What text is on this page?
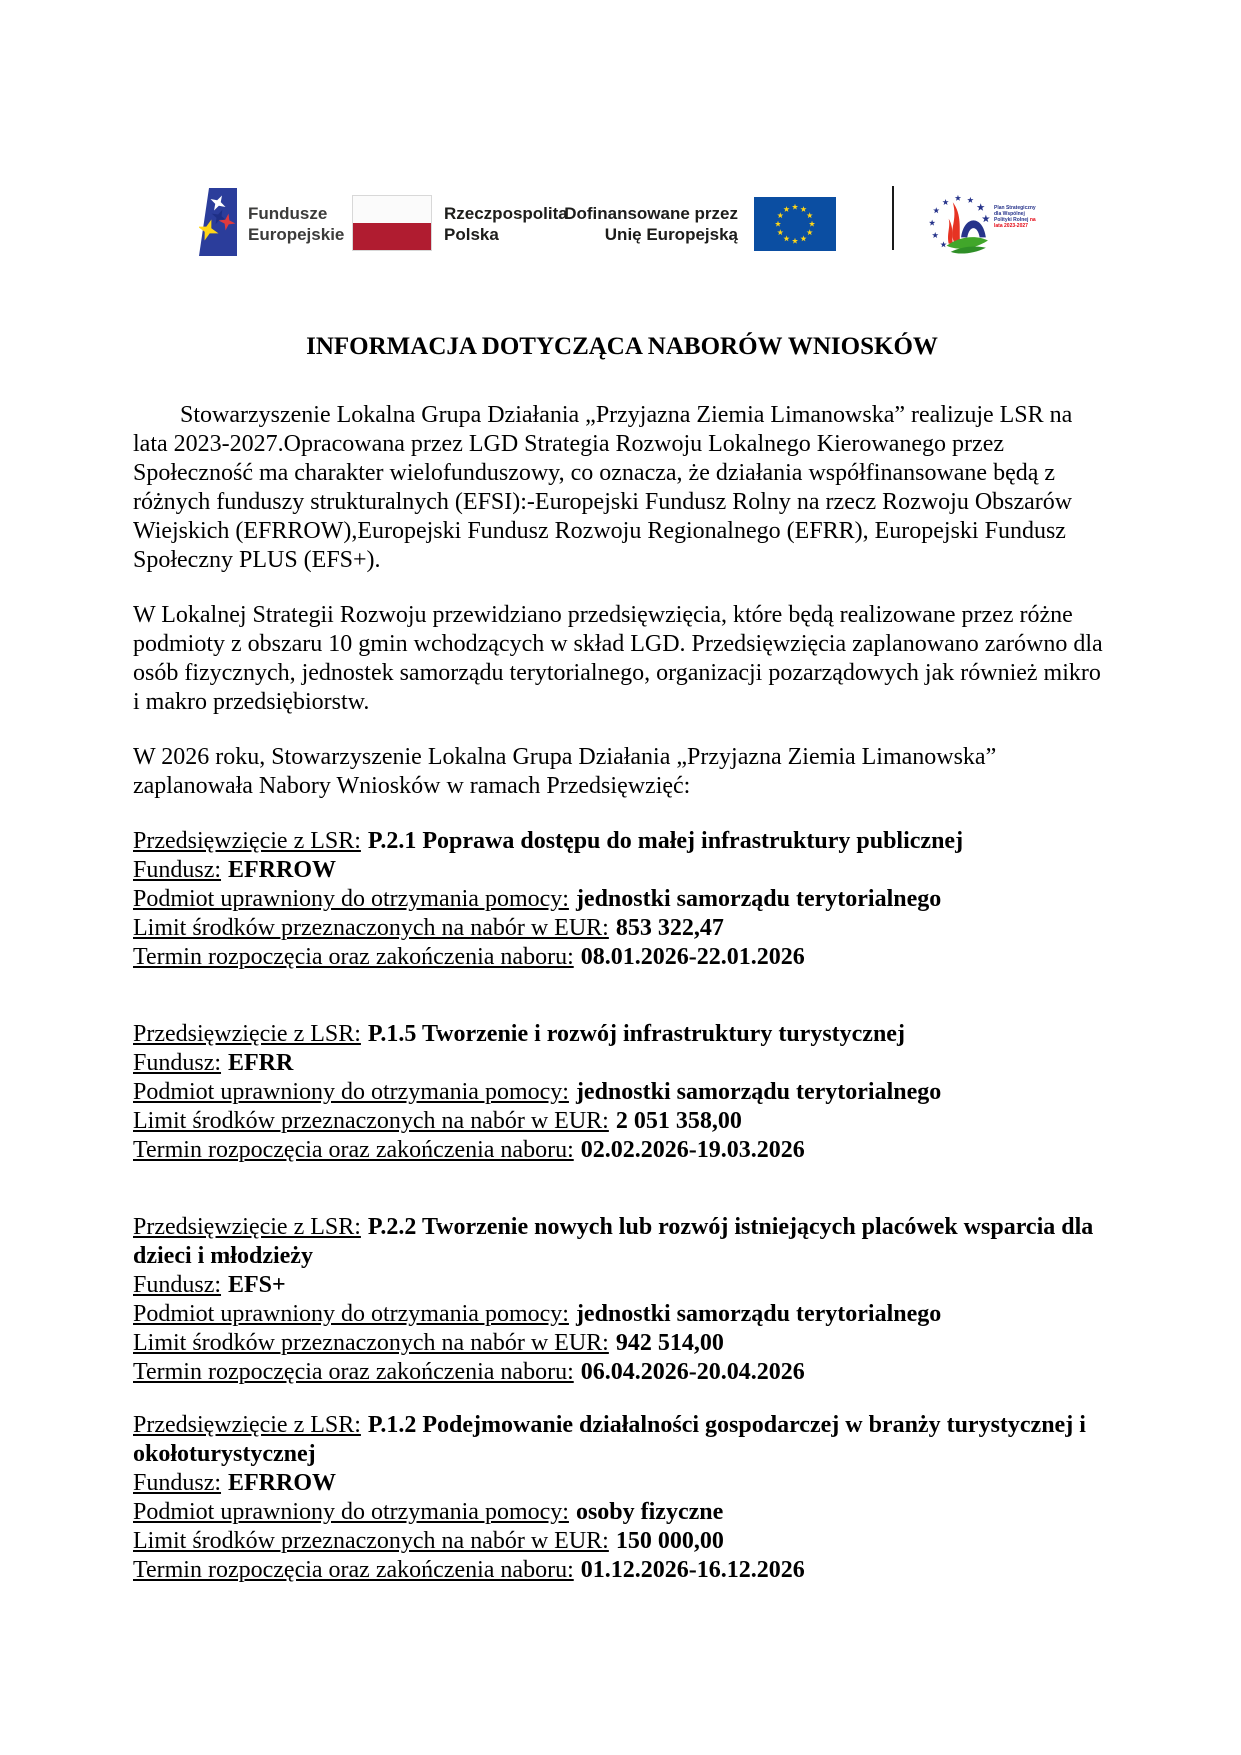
Fundusze
Europejskie
Rzeczpospolita
Polska
Dofinansowane przez
Unię Europejską
Plan Strategiczny dla Wspólnej Polityki Rolnej na lata 2023-2027
INFORMACJA DOTYCZĄCA NABORÓW WNIOSKÓW

Stowarzyszenie Lokalna Grupa Działania „Przyjazna Ziemia Limanowska” realizuje LSR na lata 2023-2027.Opracowana przez LGD Strategia Rozwoju Lokalnego Kierowanego przez Społeczność ma charakter wielofunduszowy, co oznacza, że działania współfinansowane będą z różnych funduszy strukturalnych (EFSI):-Europejski Fundusz Rolny na rzecz Rozwoju Obszarów Wiejskich (EFRROW),Europejski Fundusz Rozwoju Regionalnego (EFRR), Europejski Fundusz Społeczny PLUS (EFS+).

W Lokalnej Strategii Rozwoju przewidziano przedsięwzięcia, które będą realizowane przez różne podmioty z obszaru 10 gmin wchodzących w skład LGD. Przedsięwzięcia zaplanowano zarówno dla osób fizycznych, jednostek samorządu terytorialnego, organizacji pozarządowych jak również mikro i makro przedsiębiorstw.

W 2026 roku, Stowarzyszenie Lokalna Grupa Działania „Przyjazna Ziemia Limanowska” zaplanowała Nabory Wniosków w ramach Przedsięwzięć:

Przedsięwzięcie z LSR: P.2.1 Poprawa dostępu do małej infrastruktury publicznej
Fundusz: EFRROW
Podmiot uprawniony do otrzymania pomocy: jednostki samorządu terytorialnego
Limit środków przeznaczonych na nabór w EUR: 853 322,47
Termin rozpoczęcia oraz zakończenia naboru: 08.01.2026-22.01.2026
Przedsięwzięcie z LSR: P.1.5 Tworzenie i rozwój infrastruktury turystycznej
Fundusz: EFRR
Podmiot uprawniony do otrzymania pomocy: jednostki samorządu terytorialnego
Limit środków przeznaczonych na nabór w EUR: 2 051 358,00
Termin rozpoczęcia oraz zakończenia naboru: 02.02.2026-19.03.2026
Przedsięwzięcie z LSR: P.2.2 Tworzenie nowych lub rozwój istniejących placówek wsparcia dla dzieci i młodzieży
Fundusz: EFS+
Podmiot uprawniony do otrzymania pomocy: jednostki samorządu terytorialnego
Limit środków przeznaczonych na nabór w EUR: 942 514,00
Termin rozpoczęcia oraz zakończenia naboru: 06.04.2026-20.04.2026
Przedsięwzięcie z LSR: P.1.2 Podejmowanie działalności gospodarczej w branży turystycznej i okołoturystycznej
Fundusz: EFRROW
Podmiot uprawniony do otrzymania pomocy: osoby fizyczne
Limit środków przeznaczonych na nabór w EUR: 150 000,00
Termin rozpoczęcia oraz zakończenia naboru: 01.12.2026-16.12.2026
